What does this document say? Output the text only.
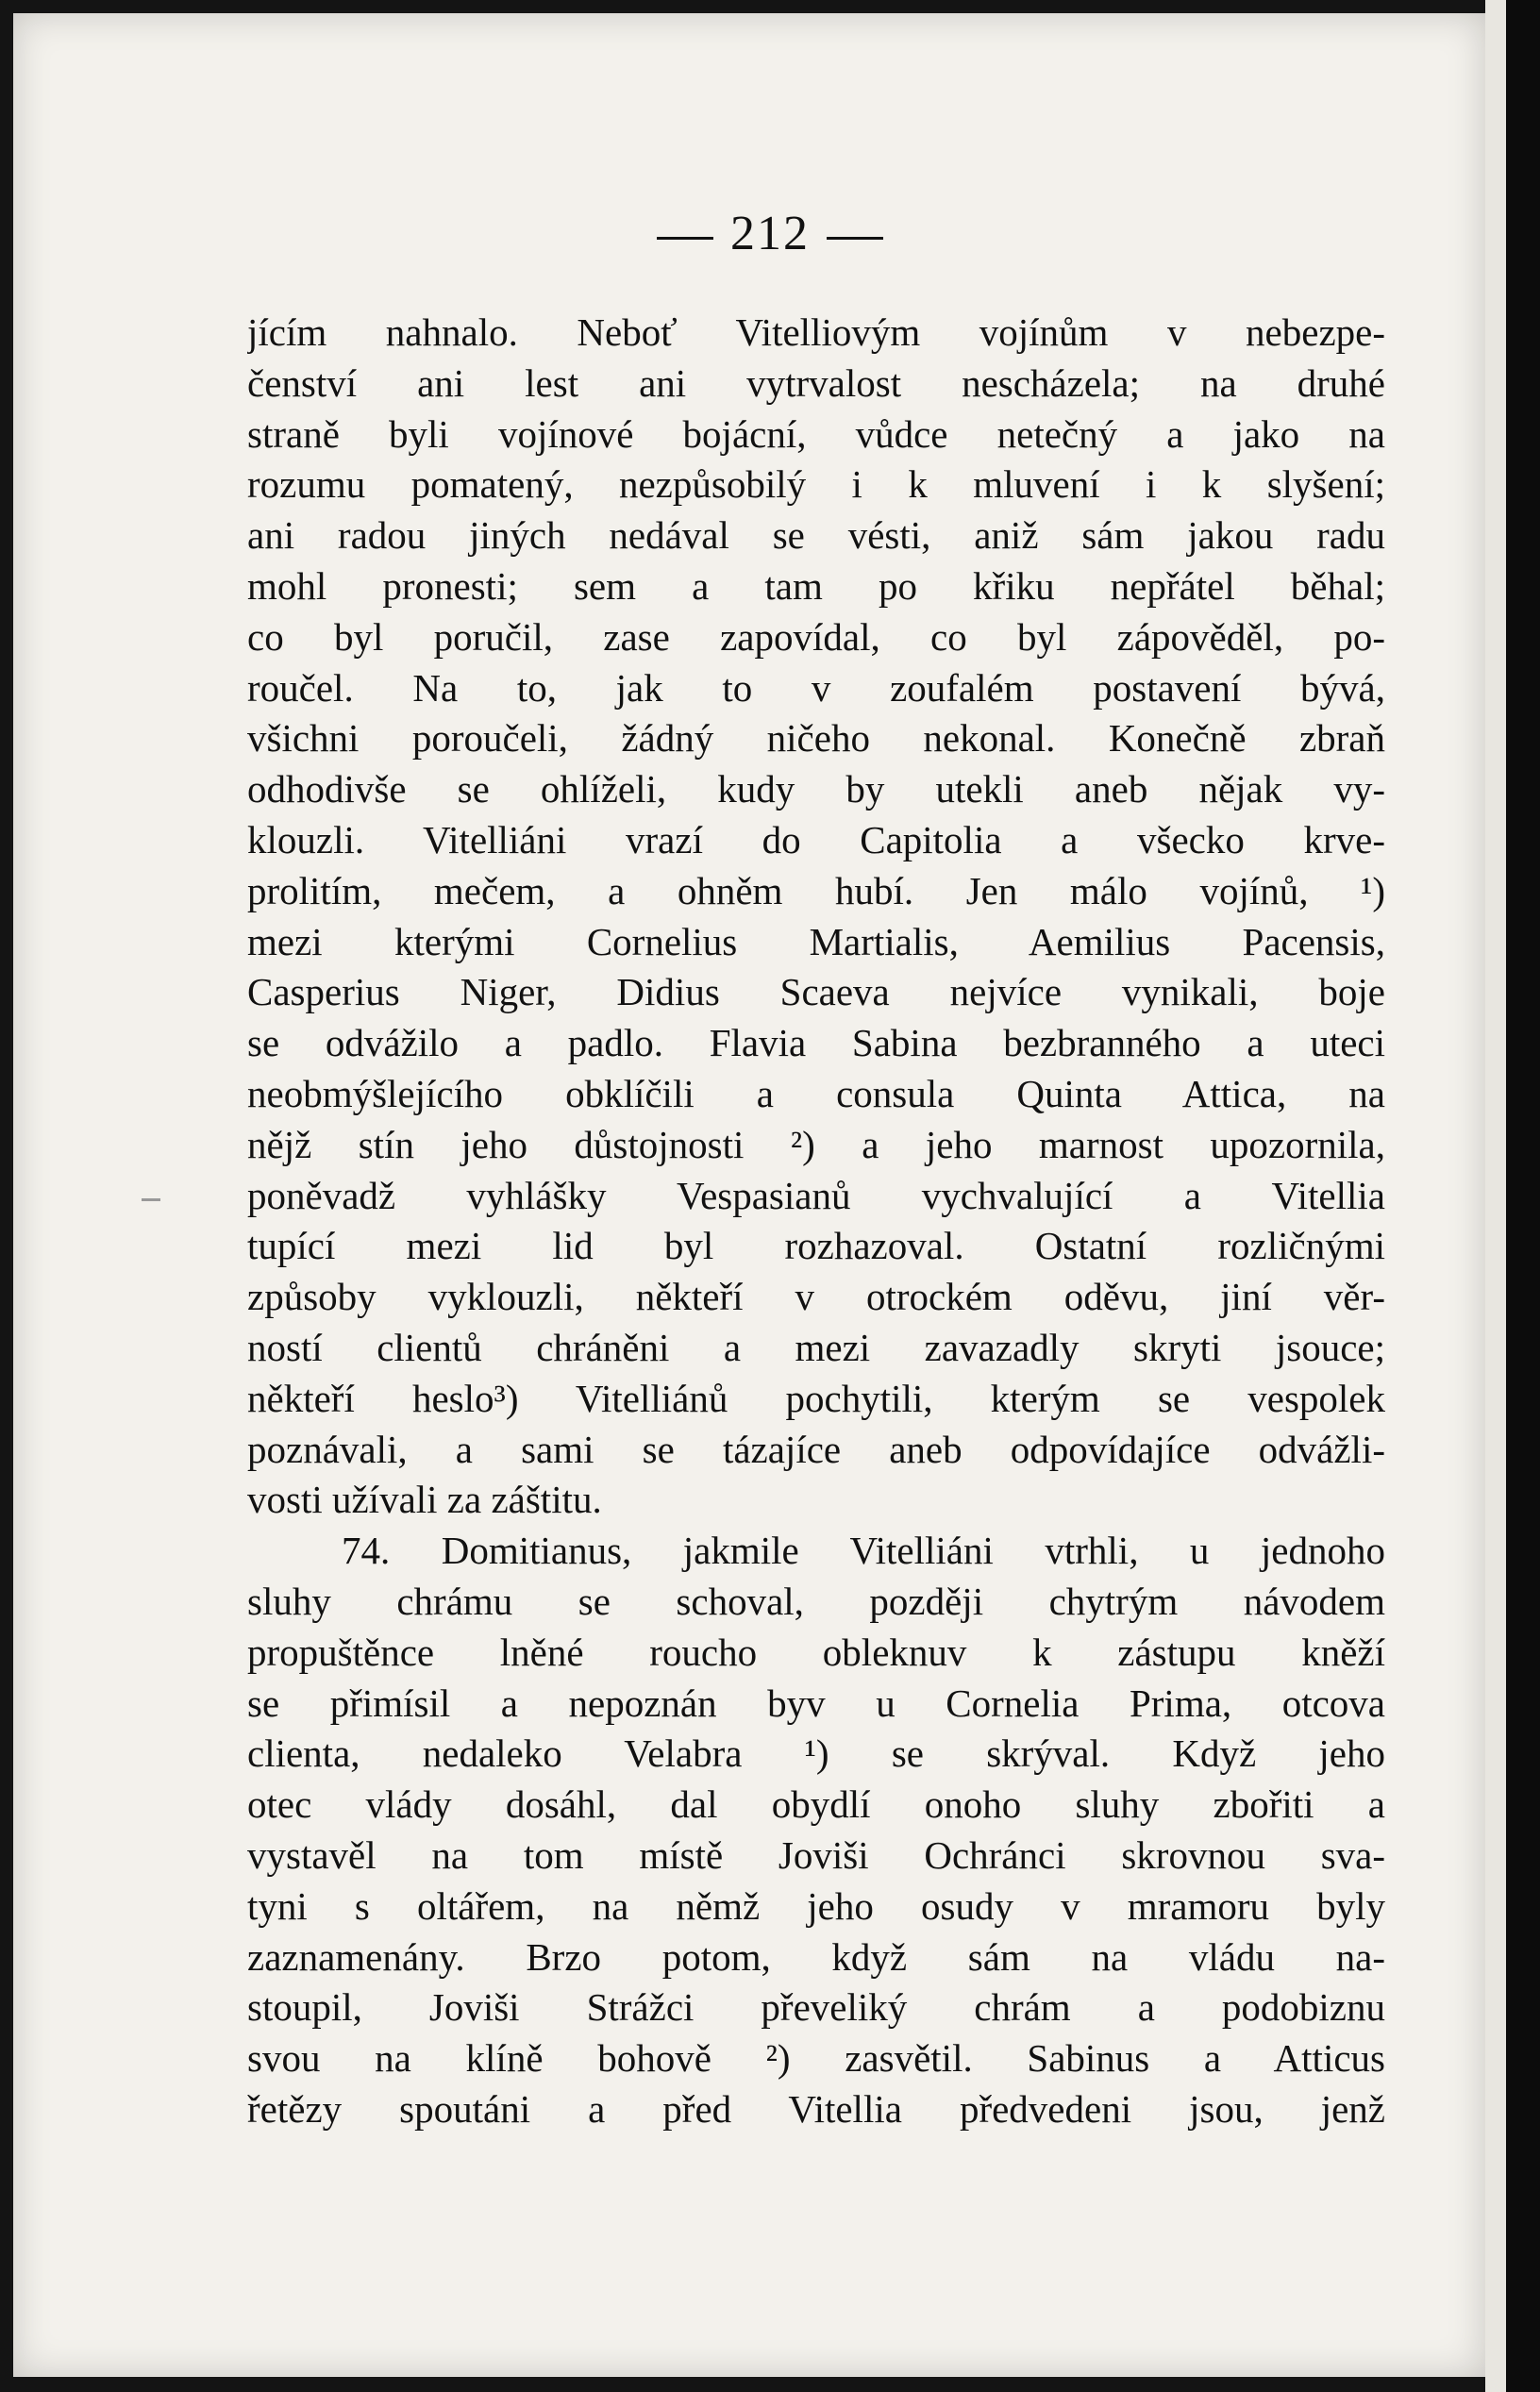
212
jícím nahnalo. Neboť Vitelliovým vojínům v nebezpe-
čenství ani lest ani vytrvalost nescházela; na druhé
straně byli vojínové bojácní, vůdce netečný a jako na
rozumu pomatený, nezpůsobilý i k mluvení i k slyšení;
ani radou jiných nedával se vésti, aniž sám jakou radu
mohl pronesti; sem a tam po křiku nepřátel běhal;
co byl poručil, zase zapovídal, co byl zápověděl, po-
roučel. Na to, jak to v zoufalém postavení bývá,
všichni poroučeli, žádný ničeho nekonal. Konečně zbraň
odhodivše se ohlíželi, kudy by utekli aneb nějak vy-
klouzli. Vitelliáni vrazí do Capitolia a všecko krve-
prolitím, mečem, a ohněm hubí. Jen málo vojínů, ¹)
mezi kterými Cornelius Martialis, Aemilius Pacensis,
Casperius Niger, Didius Scaeva nejvíce vynikali, boje
se odvážilo a padlo. Flavia Sabina bezbranného a uteci
neobmýšlejícího obklíčili a consula Quinta Attica, na
nějž stín jeho důstojnosti ²) a jeho marnost upozornila,
poněvadž vyhlášky Vespasianů vychvalující a Vitellia
tupící mezi lid byl rozhazoval. Ostatní rozličnými
způsoby vyklouzli, někteří v otrockém oděvu, jiní věr-
ností clientů chráněni a mezi zavazadly skryti jsouce;
někteří heslo³) Vitelliánů pochytili, kterým se vespolek
poznávali, a sami se tázajíce aneb odpovídajíce odvážli-
vosti užívali za záštitu.
74. Domitianus, jakmile Vitelliáni vtrhli, u jednoho
sluhy chrámu se schoval, později chytrým návodem
propuštěnce lněné roucho obleknuv k zástupu kněží
se přimísil a nepoznán byv u Cornelia Prima, otcova
clienta, nedaleko Velabra ¹) se skrýval. Když jeho
otec vlády dosáhl, dal obydlí onoho sluhy zbořiti a
vystavěl na tom místě Joviši Ochránci skrovnou sva-
tyni s oltářem, na němž jeho osudy v mramoru byly
zaznamenány. Brzo potom, když sám na vládu na-
stoupil, Joviši Strážci převeliký chrám a podobiznu
svou na klíně bohově ²) zasvětil. Sabinus a Atticus
řetězy spoutáni a před Vitellia předvedeni jsou, jenž
